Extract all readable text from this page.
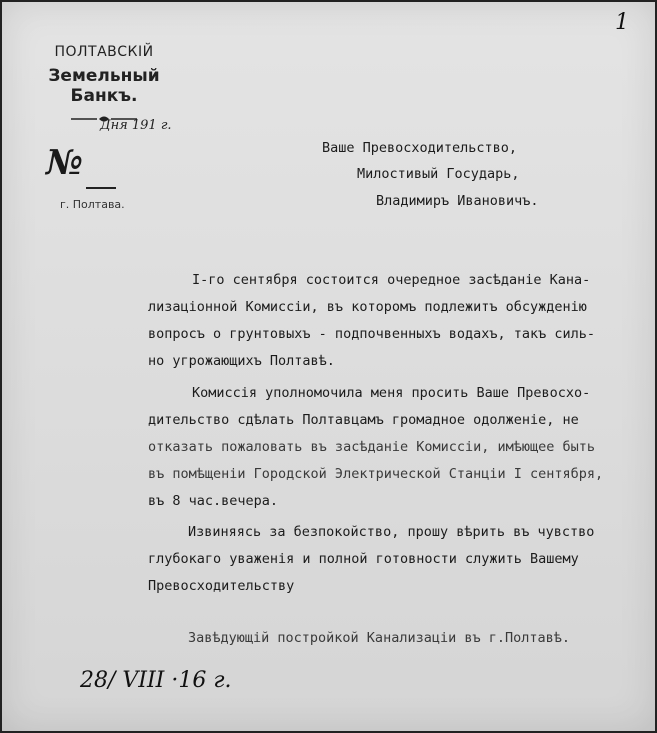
1
ПОЛТАВСКІЙ
Земельный Банкъ.
Дня 191 г.
№
г. Полтава.
Ваше Превосходительство,
Милостивый Государь,
Владимиръ Ивановичъ.
I-го сентября состоится очередное засѣданіе Кана-
лизаціонной Комиссіи, въ которомъ подлежитъ обсужденію
вопросъ о грунтовыхъ - подпочвенныхъ водахъ, такъ силь-
но угрожающихъ Полтавѣ.
Комиссія уполномочила меня просить Ваше Превосхо-
дительство сдѣлать Полтавцамъ громадное одолженіе, не
отказать пожаловать въ засѣданіе Комиссіи, имѣющее быть
въ помѣщеніи Городской Электрической Станціи I сентября,
въ 8 час.вечера.
Извиняясь за безпокойство, прошу вѣрить въ чувство
глубокаго уваженія и полной готовности служить Вашему
Превосходительству
Завѣдующій постройкой Канализаціи въ г.Полтавѣ.
28/ VIII ·16 г.
